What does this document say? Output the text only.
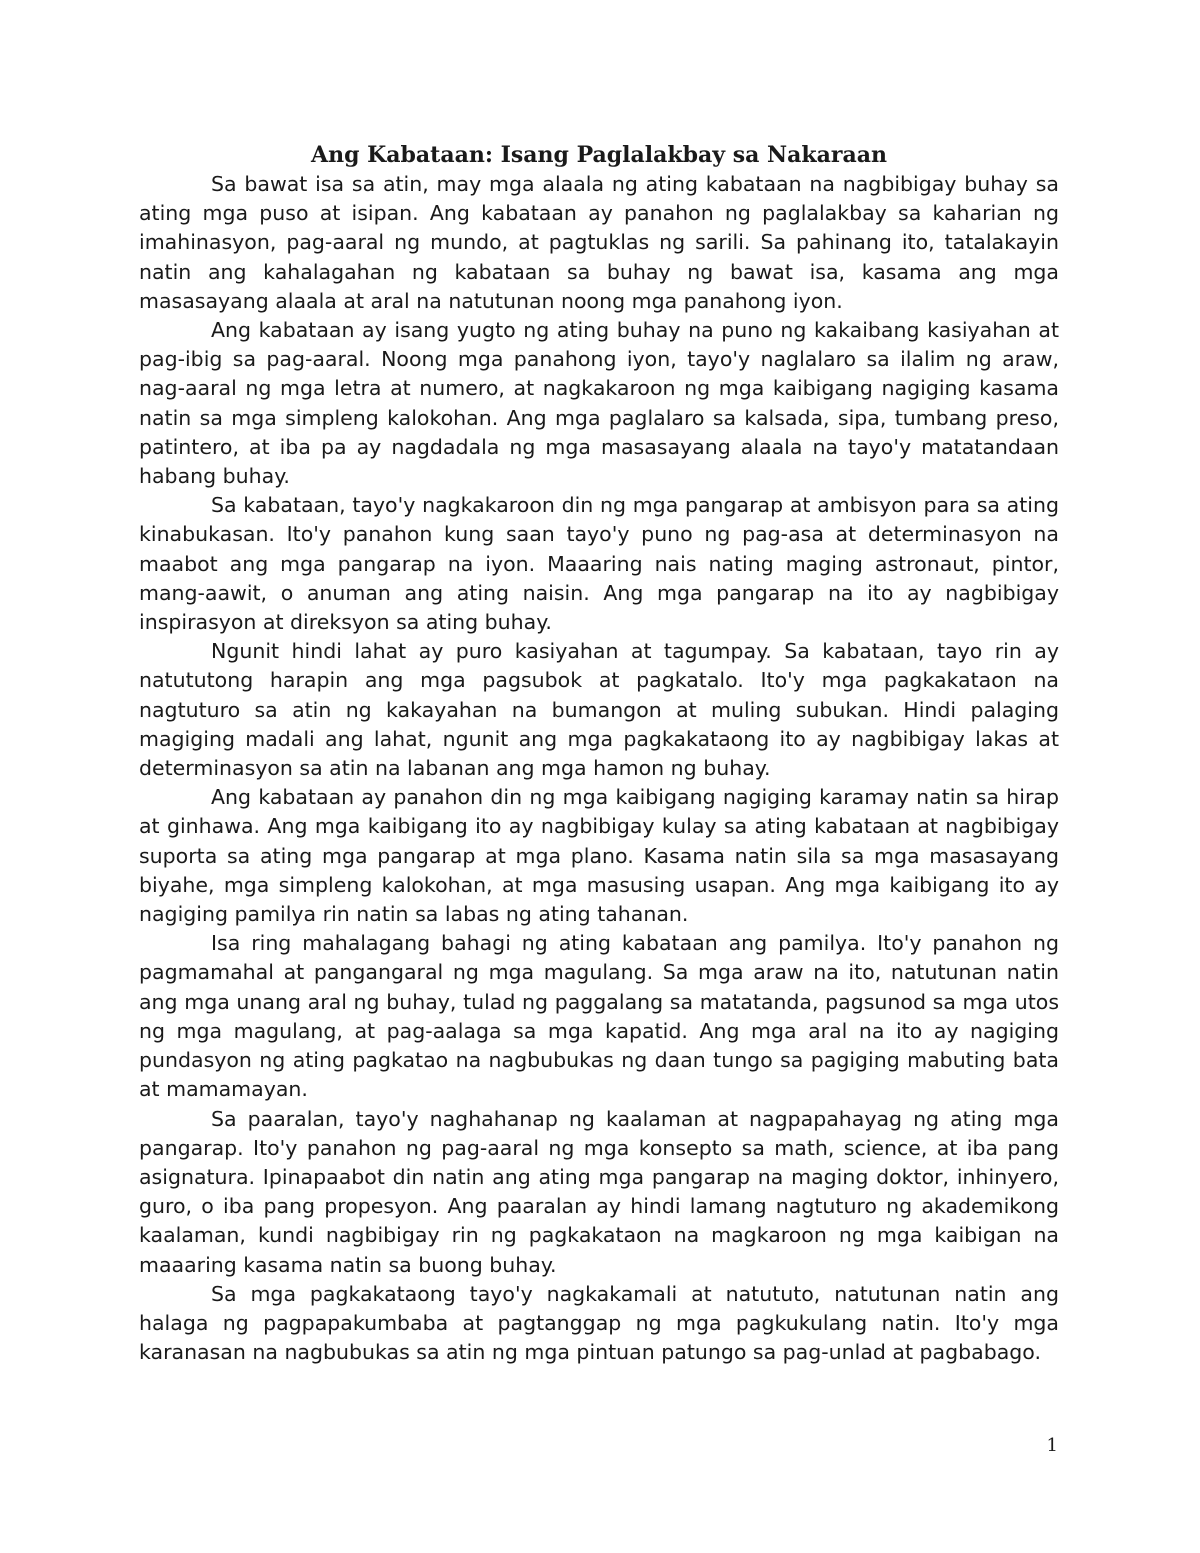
Ang Kabataan: Isang Paglalakbay sa Nakaraan

Sa bawat isa sa atin, may mga alaala ng ating kabataan na nagbibigay buhay sa ating mga puso at isipan. Ang kabataan ay panahon ng paglalakbay sa kaharian ng imahinasyon, pag-aaral ng mundo, at pagtuklas ng sarili. Sa pahinang ito, tatalakayin natin ang kahalagahan ng kabataan sa buhay ng bawat isa, kasama ang mga masasayang alaala at aral na natutunan noong mga panahong iyon.

Ang kabataan ay isang yugto ng ating buhay na puno ng kakaibang kasiyahan at pag-ibig sa pag-aaral. Noong mga panahong iyon, tayo'y naglalaro sa ilalim ng araw, nag-aaral ng mga letra at numero, at nagkakaroon ng mga kaibigang nagiging kasama natin sa mga simpleng kalokohan. Ang mga paglalaro sa kalsada, sipa, tumbang preso, patintero, at iba pa ay nagdadala ng mga masasayang alaala na tayo'y matatandaan habang buhay.

Sa kabataan, tayo'y nagkakaroon din ng mga pangarap at ambisyon para sa ating kinabukasan. Ito'y panahon kung saan tayo'y puno ng pag-asa at determinasyon na maabot ang mga pangarap na iyon. Maaaring nais nating maging astronaut, pintor, mang-aawit, o anuman ang ating naisin. Ang mga pangarap na ito ay nagbibigay inspirasyon at direksyon sa ating buhay.

Ngunit hindi lahat ay puro kasiyahan at tagumpay. Sa kabataan, tayo rin ay natututong harapin ang mga pagsubok at pagkatalo. Ito'y mga pagkakataon na nagtuturo sa atin ng kakayahan na bumangon at muling subukan. Hindi palaging magiging madali ang lahat, ngunit ang mga pagkakataong ito ay nagbibigay lakas at determinasyon sa atin na labanan ang mga hamon ng buhay.

Ang kabataan ay panahon din ng mga kaibigang nagiging karamay natin sa hirap at ginhawa. Ang mga kaibigang ito ay nagbibigay kulay sa ating kabataan at nagbibigay suporta sa ating mga pangarap at mga plano. Kasama natin sila sa mga masasayang biyahe, mga simpleng kalokohan, at mga masusing usapan. Ang mga kaibigang ito ay nagiging pamilya rin natin sa labas ng ating tahanan.

Isa ring mahalagang bahagi ng ating kabataan ang pamilya. Ito'y panahon ng pagmamahal at pangangaral ng mga magulang. Sa mga araw na ito, natutunan natin ang mga unang aral ng buhay, tulad ng paggalang sa matatanda, pagsunod sa mga utos ng mga magulang, at pag-aalaga sa mga kapatid. Ang mga aral na ito ay nagiging pundasyon ng ating pagkatao na nagbubukas ng daan tungo sa pagiging mabuting bata at mamamayan.

Sa paaralan, tayo'y naghahanap ng kaalaman at nagpapahayag ng ating mga pangarap. Ito'y panahon ng pag-aaral ng mga konsepto sa math, science, at iba pang asignatura. Ipinapaabot din natin ang ating mga pangarap na maging doktor, inhinyero, guro, o iba pang propesyon. Ang paaralan ay hindi lamang nagtuturo ng akademikong kaalaman, kundi nagbibigay rin ng pagkakataon na magkaroon ng mga kaibigan na maaaring kasama natin sa buong buhay.

Sa mga pagkakataong tayo'y nagkakamali at natututo, natutunan natin ang halaga ng pagpapakumbaba at pagtanggap ng mga pagkukulang natin. Ito'y mga karanasan na nagbubukas sa atin ng mga pintuan patungo sa pag-unlad at pagbabago.

1
